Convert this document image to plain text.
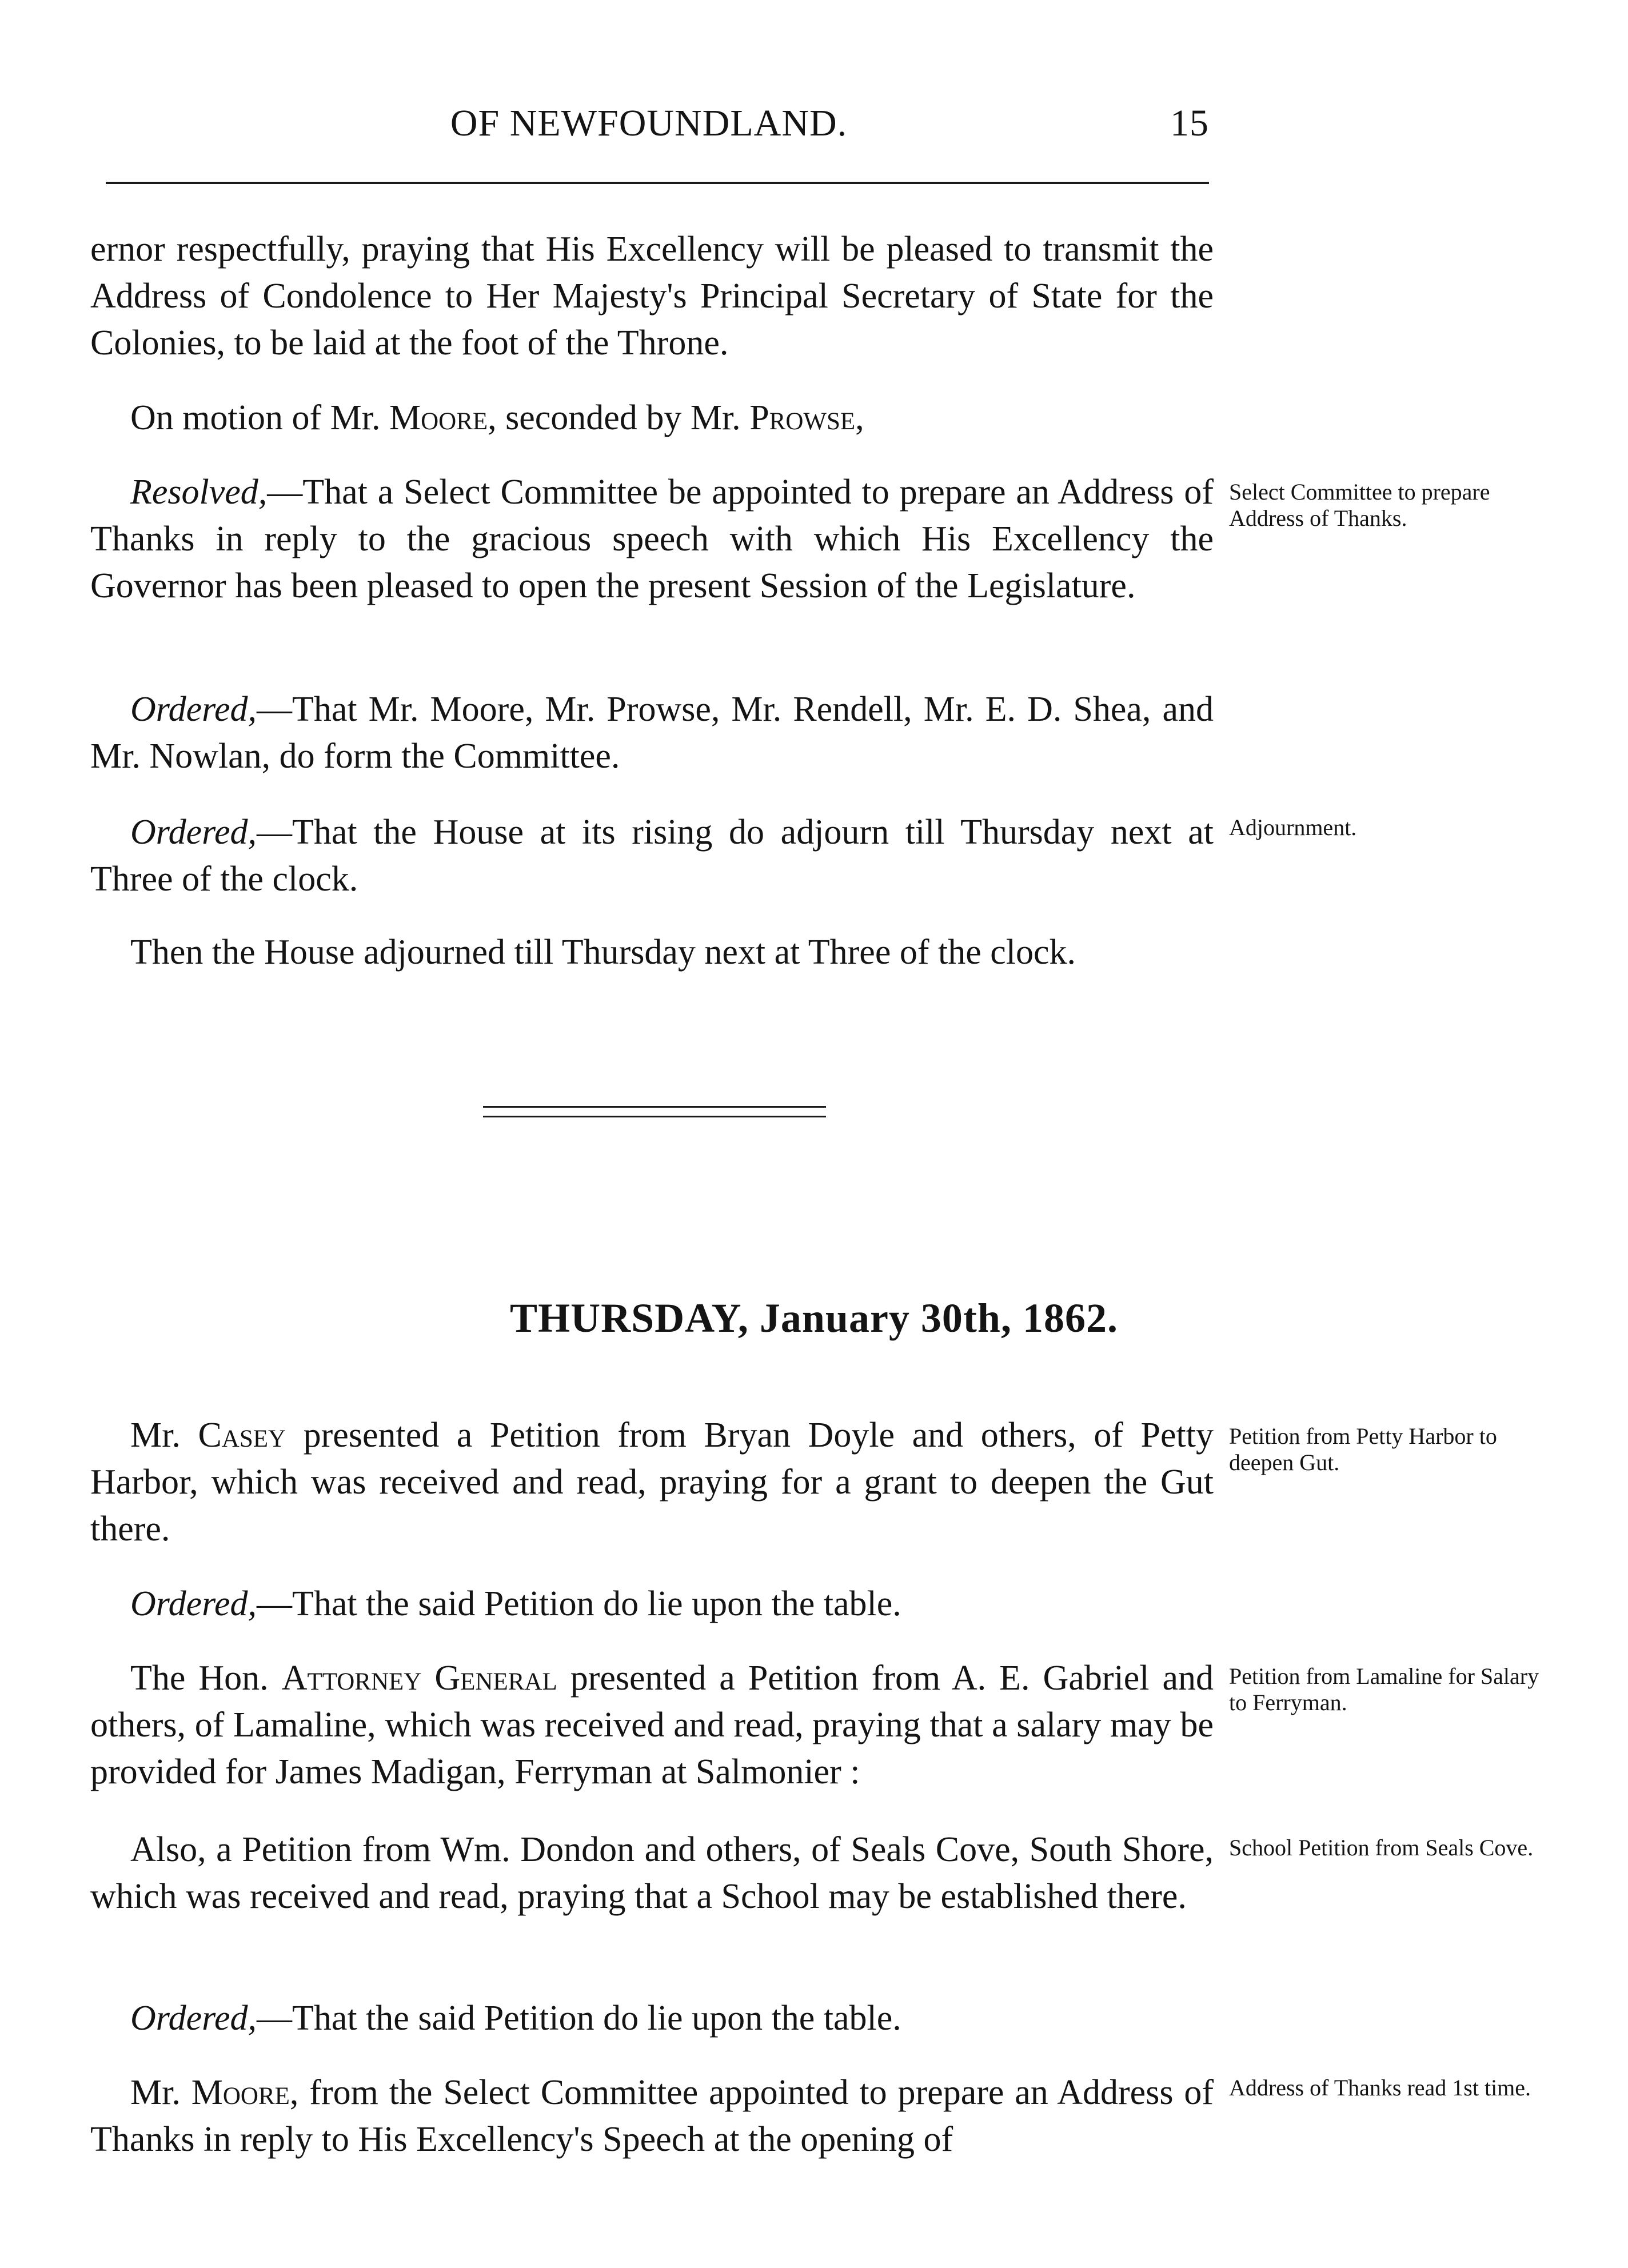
OF NEWFOUNDLAND.	15

ernor respectfully, praying that His Excellency will be pleased to transmit the Address of Condolence to Her Majesty's Principal Secretary of State for the Colonies, to be laid at the foot of the Throne.

On motion of Mr. Moore, seconded by Mr. Prowse,

Resolved,—That a Select Committee be appointed to prepare an Address of Thanks in reply to the gracious speech with which His Excellency the Governor has been pleased to open the present Session of the Legislature.

Select Committee to prepare Address of Thanks.

Ordered,—That Mr. Moore, Mr. Prowse, Mr. Rendell, Mr. E. D. Shea, and Mr. Nowlan, do form the Committee.

Ordered,—That the House at its rising do adjourn till Thursday next at Three of the clock.

Adjournment.

Then the House adjourned till Thursday next at Three of the clock.

THURSDAY, January 30th, 1862.

Mr. Casey presented a Petition from Bryan Doyle and others, of Petty Harbor, which was received and read, praying for a grant to deepen the Gut there.

Petition from Petty Harbor to deepen Gut.

Ordered,—That the said Petition do lie upon the table.

The Hon. Attorney General presented a Petition from A. E. Gabriel and others, of Lamaline, which was received and read, praying that a salary may be provided for James Madigan, Ferryman at Salmonier :

Petition from Lamaline for Salary to Ferryman.

Also, a Petition from Wm. Dondon and others, of Seals Cove, South Shore, which was received and read, praying that a School may be established there.

School Petition from Seals Cove.

Ordered,—That the said Petition do lie upon the table.

Mr. Moore, from the Select Committee appointed to prepare an Address of Thanks in reply to His Excellency's Speech at the opening of

Address of Thanks read 1st time.
